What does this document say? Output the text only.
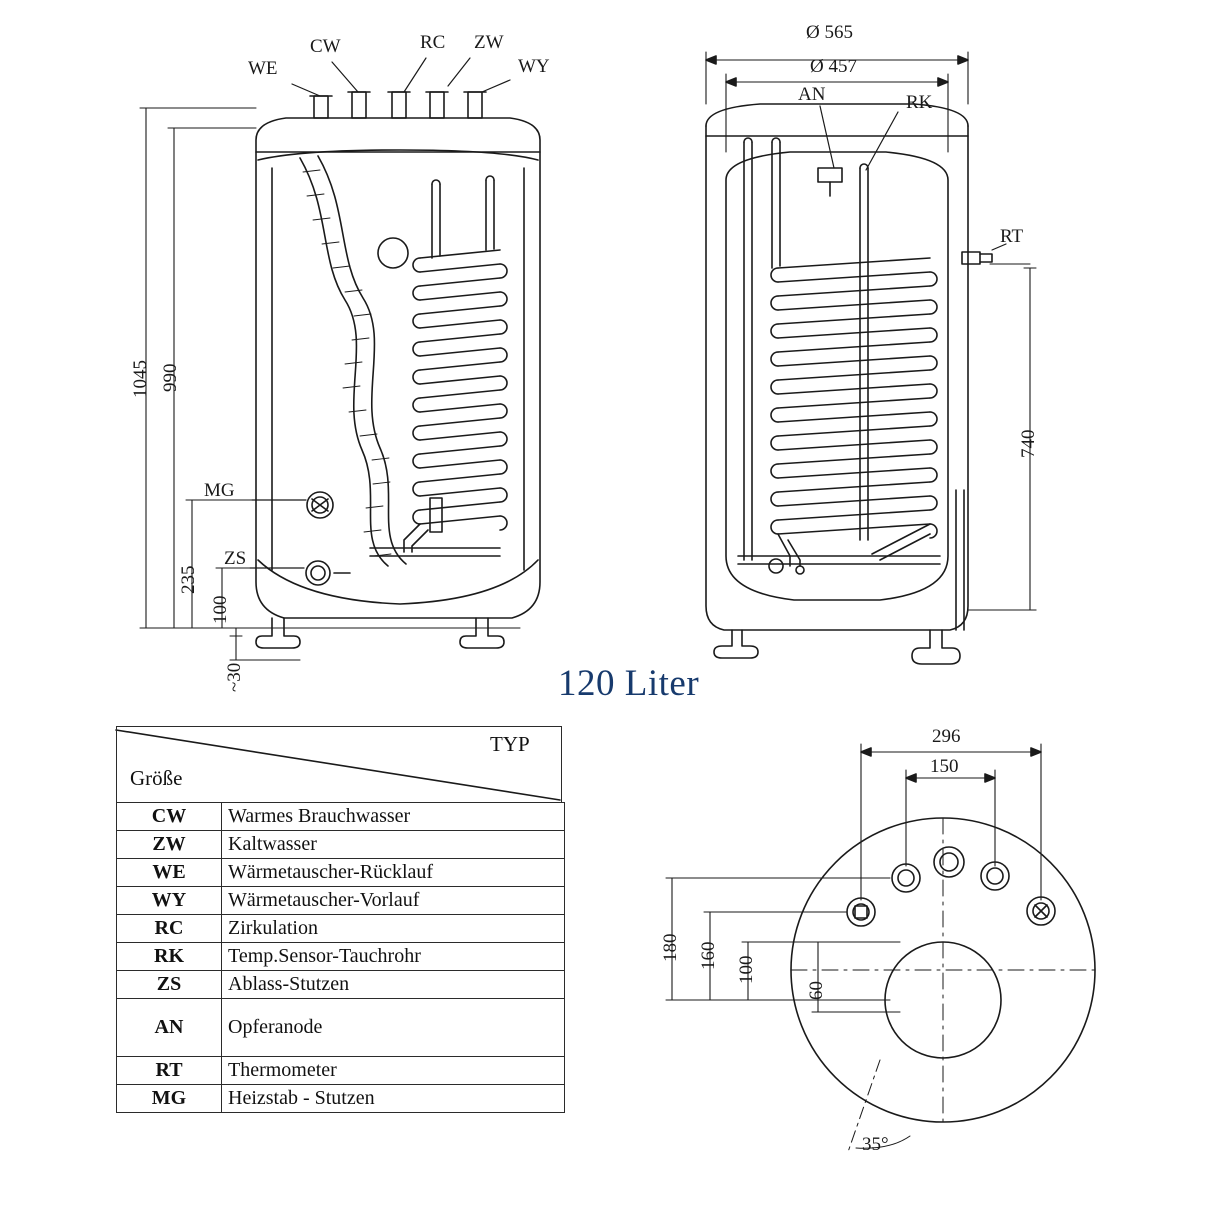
WE
CW	RC ZW
WY
MG
ZS
1045 990
235
100
~30
Ø 565
Ø 457
AN	RK
RT
740
120 Liter
296
150
180 160 100
60
35°
TYP
Größe
CW	Warmes Brauchwasser
ZW	Kaltwasser
WE	Wärmetauscher-Rücklauf
WY	Wärmetauscher-Vorlauf
RC	Zirkulation
RK	Temp.Sensor-Tauchrohr
ZS	Ablass-Stutzen
AN	Opferanode
RT	Thermometer
MG	Heizstab - Stutzen
